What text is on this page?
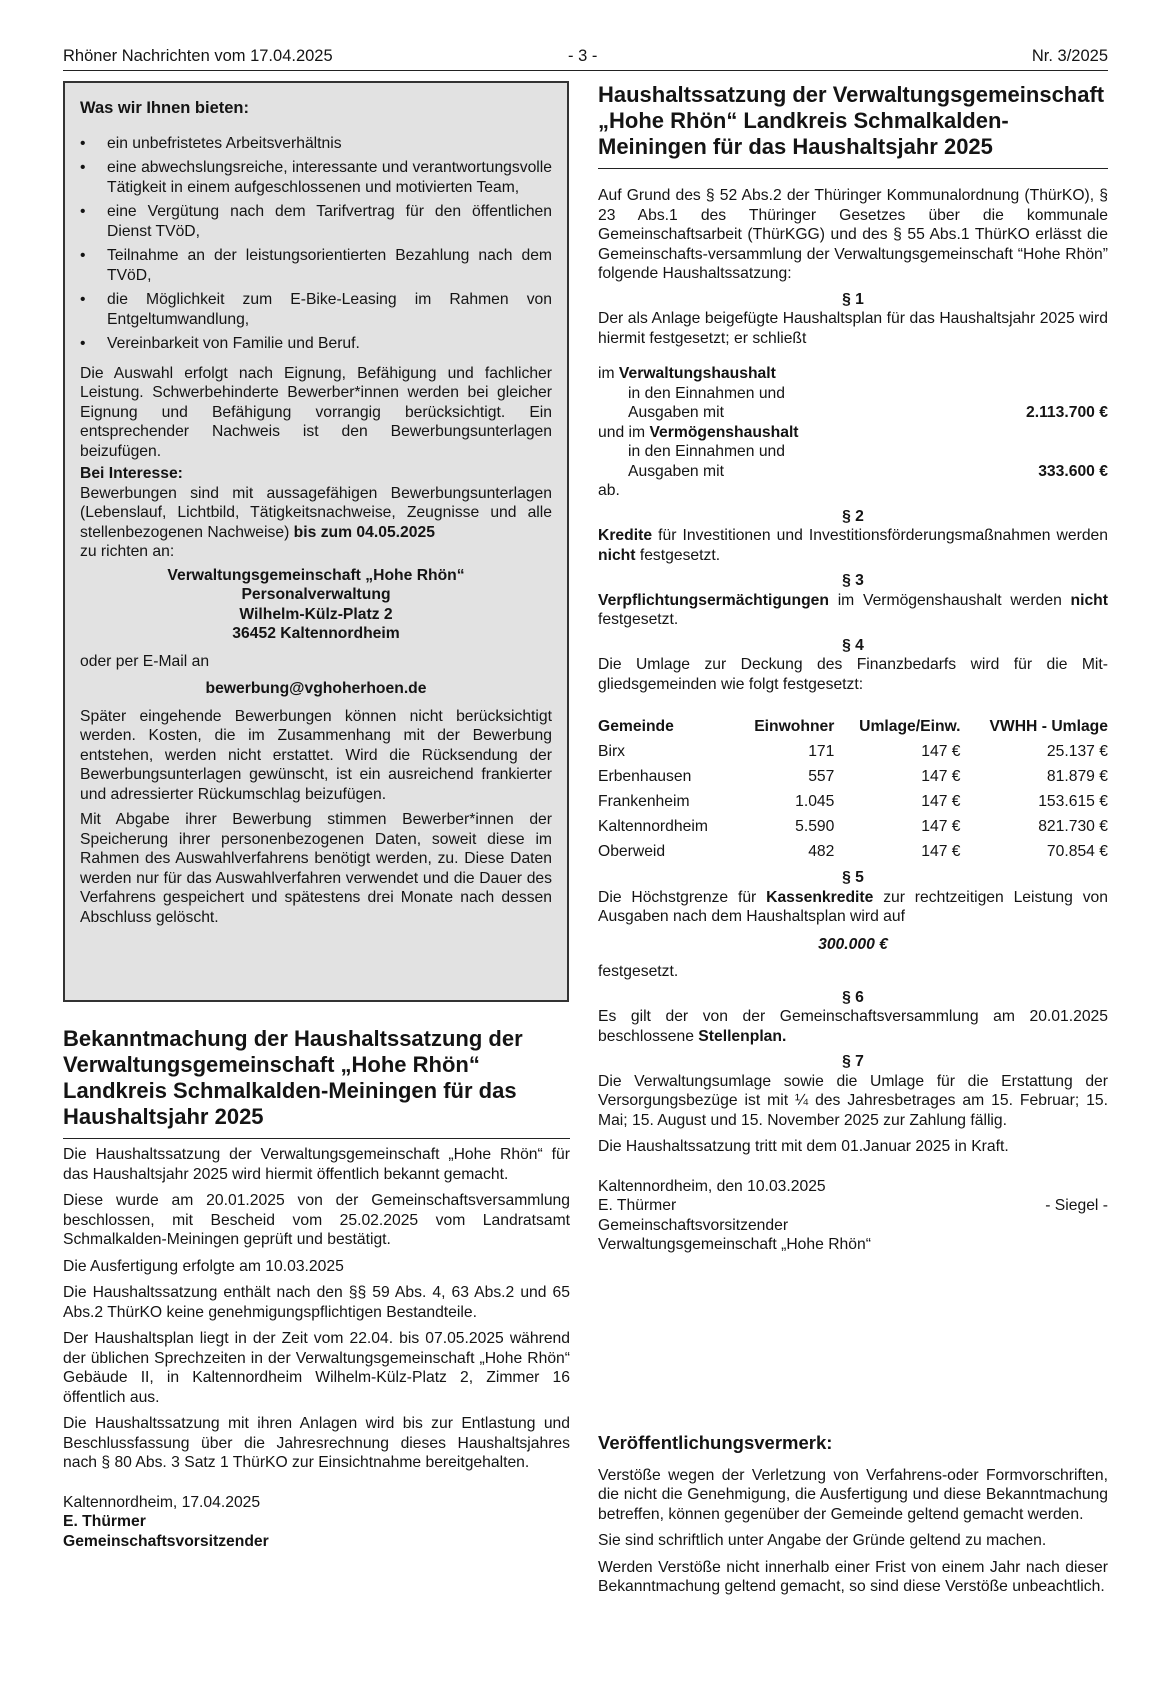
Rhöner Nachrichten vom 17.04.2025	- 3 -	Nr. 3/2025
Was wir Ihnen bieten:
• ein unbefristetes Arbeitsverhältnis
• eine abwechslungsreiche, interessante und verantwortungsvolle Tätigkeit in einem aufgeschlossenen und motivierten Team,
• eine Vergütung nach dem Tarifvertrag für den öffentlichen Dienst TVöD,
• Teilnahme an der leistungsorientierten Bezahlung nach dem TVöD,
• die Möglichkeit zum E-Bike-Leasing im Rahmen von Entgeltumwandlung,
• Vereinbarkeit von Familie und Beruf.

Die Auswahl erfolgt nach Eignung, Befähigung und fachlicher Leistung. Schwerbehinderte Bewerber*innen werden bei gleicher Eignung und Befähigung vorrangig berücksichtigt. Ein entsprechender Nachweis ist den Bewerbungsunterlagen beizufügen.

Bei Interesse:

Bewerbungen sind mit aussagefähigen Bewerbungsunterlagen (Lebenslauf, Lichtbild, Tätigkeitsnachweise, Zeugnisse und alle stellenbezogenen Nachweise) bis zum 04.05.2025

zu richten an:

Verwaltungsgemeinschaft „Hohe Rhön“
Personalverwaltung
Wilhelm-Külz-Platz 2
36452 Kaltennordheim

oder per E-Mail an

bewerbung@vghoherhoen.de

Später eingehende Bewerbungen können nicht berücksichtigt werden. Kosten, die im Zusammenhang mit der Bewerbung entstehen, werden nicht erstattet. Wird die Rücksendung der Bewerbungsunterlagen gewünscht, ist ein ausreichend frankierter und adressierter Rückumschlag beizufügen.

Mit Abgabe ihrer Bewerbung stimmen Bewerber*innen der Speicherung ihrer personenbezogenen Daten, soweit diese im Rahmen des Auswahlverfahrens benötigt werden, zu. Diese Daten werden nur für das Auswahlverfahren verwendet und die Dauer des Verfahrens gespeichert und spätestens drei Monate nach dessen Abschluss gelöscht.

Bekanntmachung der Haushaltssatzung der Verwaltungsgemeinschaft „Hohe Rhön“ Landkreis Schmalkalden-Meiningen für das Haushaltsjahr 2025

Die Haushaltssatzung der Verwaltungsgemeinschaft „Hohe Rhön“ für das Haushaltsjahr 2025 wird hiermit öffentlich bekannt gemacht.

Diese wurde am 20.01.2025 von der Gemeinschaftsversammlung beschlossen, mit Bescheid vom 25.02.2025 vom Landratsamt Schmalkalden-Meiningen geprüft und bestätigt.

Die Ausfertigung erfolgte am 10.03.2025

Die Haushaltssatzung enthält nach den §§ 59 Abs. 4, 63 Abs.2 und 65 Abs.2 ThürKO keine genehmigungspflichtigen Bestandteile.

Der Haushaltsplan liegt in der Zeit vom 22.04. bis 07.05.2025 während der üblichen Sprechzeiten in der Verwaltungsgemeinschaft „Hohe Rhön“ Gebäude II, in Kaltennordheim Wilhelm-Külz-Platz 2, Zimmer 16 öffentlich aus.

Die Haushaltssatzung mit ihren Anlagen wird bis zur Entlastung und Beschlussfassung über die Jahresrechnung dieses Haushaltsjahres nach § 80 Abs. 3 Satz 1 ThürKO zur Einsichtnahme bereitgehalten.

Kaltennordheim, 17.04.2025

E. Thürmer

Gemeinschaftsvorsitzender

Haushaltssatzung der Verwaltungsgemeinschaft „Hohe Rhön“ Landkreis Schmalkalden-Meiningen für das Haushaltsjahr 2025

Auf Grund des § 52 Abs.2 der Thüringer Kommunalordnung (ThürKO), § 23 Abs.1 des Thüringer Gesetzes über die kommunale Gemeinschaftsarbeit (ThürKGG) und des § 55 Abs.1 ThürKO erlässt die Gemeinschafts-versammlung der Verwaltungsgemeinschaft “Hohe Rhön” folgende Haushaltssatzung:

§ 1

Der als Anlage beigefügte Haushaltsplan für das Haushaltsjahr 2025 wird hiermit festgesetzt; er schließt

im Verwaltungshaushalt

in den Einnahmen und
Ausgaben mit	2.113.700 €

und im Vermögenshaushalt

in den Einnahmen und
Ausgaben mit	333.600 €

ab.

§ 2

Kredite für Investitionen und Investitionsförderungsmaßnahmen werden nicht festgesetzt.

§ 3

Verpflichtungsermächtigungen im Vermögenshaushalt werden nicht festgesetzt.

§ 4

Die Umlage zur Deckung des Finanzbedarfs wird für die Mitgliedsgemeinden wie folgt festgesetzt:

Gemeinde	Einwohner	Umlage/Einw.	VWHH - Umlage
Birx	171	147 €	25.137 €
Erbenhausen	557	147 €	81.879 €
Frankenheim	1.045	147 €	153.615 €
Kaltennordheim	5.590	147 €	821.730 €
Oberweid	482	147 €	70.854 €

§ 5

Die Höchstgrenze für Kassenkredite zur rechtzeitigen Leistung von Ausgaben nach dem Haushaltsplan wird auf

300.000 €

festgesetzt.

§ 6

Es gilt der von der Gemeinschaftsversammlung am 20.01.2025 beschlossene Stellenplan.

§ 7

Die Verwaltungsumlage sowie die Umlage für die Erstattung der Versorgungsbezüge ist mit ¼ des Jahresbetrages am 15. Februar; 15. Mai; 15. August und 15. November 2025 zur Zahlung fällig.

Die Haushaltssatzung tritt mit dem 01.Januar 2025 in Kraft.

Kaltennordheim, den 10.03.2025

E. Thürmer	- Siegel -

Gemeinschaftsvorsitzender

Verwaltungsgemeinschaft „Hohe Rhön“

Veröffentlichungsvermerk:

Verstöße wegen der Verletzung von Verfahrens-oder Formvorschriften, die nicht die Genehmigung, die Ausfertigung und diese Bekanntmachung betreffen, können gegenüber der Gemeinde geltend gemacht werden.

Sie sind schriftlich unter Angabe der Gründe geltend zu machen.

Werden Verstöße nicht innerhalb einer Frist von einem Jahr nach dieser Bekanntmachung geltend gemacht, so sind diese Verstöße unbeachtlich.
